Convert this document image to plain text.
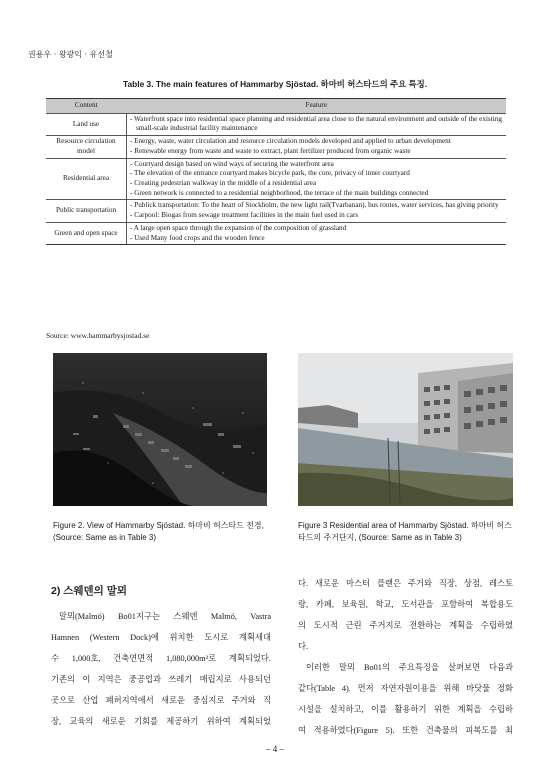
권용우 · 왕광익 · 유선철
Table 3. The main features of Hammarby Sjöstad. 하마비 허스타드의 주요 특징.
Content	Feature
Land use	- Waterfront space into residential space planning and residential area close to the natural environment and outside of the existing small-scale industrial facility maintenance

Resource circulation model	- Energy, waste, water circulation and resource circulation models developed and applied to urban development
- Renewable energy from waste and waste to extract, plant fertilizer produced from organic waste

Residential area	- Courtyard design based on wind ways of securing the waterfront area
- The elevation of the entrance courtyard makes bicycle park, the core, privacy of inner courtyard
- Creating pedestrian walkway in the middle of a residential area
- Green network is connected to a residential neighborhood, the terrace of the main buildings connected

Public transportation	- Publick transportation: To the heart of Stockholm, the new light rail(Tvarbanan), bus routes, water services, has giving priority
- Carpool: Biogas from sewage treatment facilities in the main fuel used in cars

Green and open space	- A large open space through the expansion of the composition of grassland
- Used Many food crops and the wooden fence
Source: www.hammarbysjostad.se
Figure 2. View of Hammarby Sjöstad. 하마비 허스타드 전경, (Source: Same as in Table 3)
Figure 3 Residential area of Hammarby Sjöstad. 하마비 허스타드의 주거단지, (Source: Same as in Table 3)
2) 스웨덴의 말뫼
말뫼(Malmö) Bo01지구는 스웨덴 Malmö, Vastra
Hamnen (Western Dock)에 위치한 도시로 계획세대
수 1,000호, 건축연면적 1,080,000m²로 계획되었다.
기존의 이 지역은 중공업과 쓰레기 매립지로 사용되던
곳으로 산업 폐허지역에서 새로운 중심지로 주거와 직
장, 교육의 새로운 기회를 제공하기 위하여 계획되었
다. 새로운 마스터 플랜은 주거와 직장, 상점, 레스토
랑, 카페, 보육원, 학교, 도서관을 포함하여 복합용도
의 도시적 근린 주거지로 전환하는 계획을 수립하였
다.
이러한 말뫼 Bo01의 주요특징을 살펴보면 다음과
같다(Table 4). 먼저 자연자원이용을 위해 바닷물 정화
시설을 설치하고, 이를 활용하기 위한 계획을 수립하
여 적용하였다(Figure 5). 또한 건축물의 피복도를 최
– 4 –
